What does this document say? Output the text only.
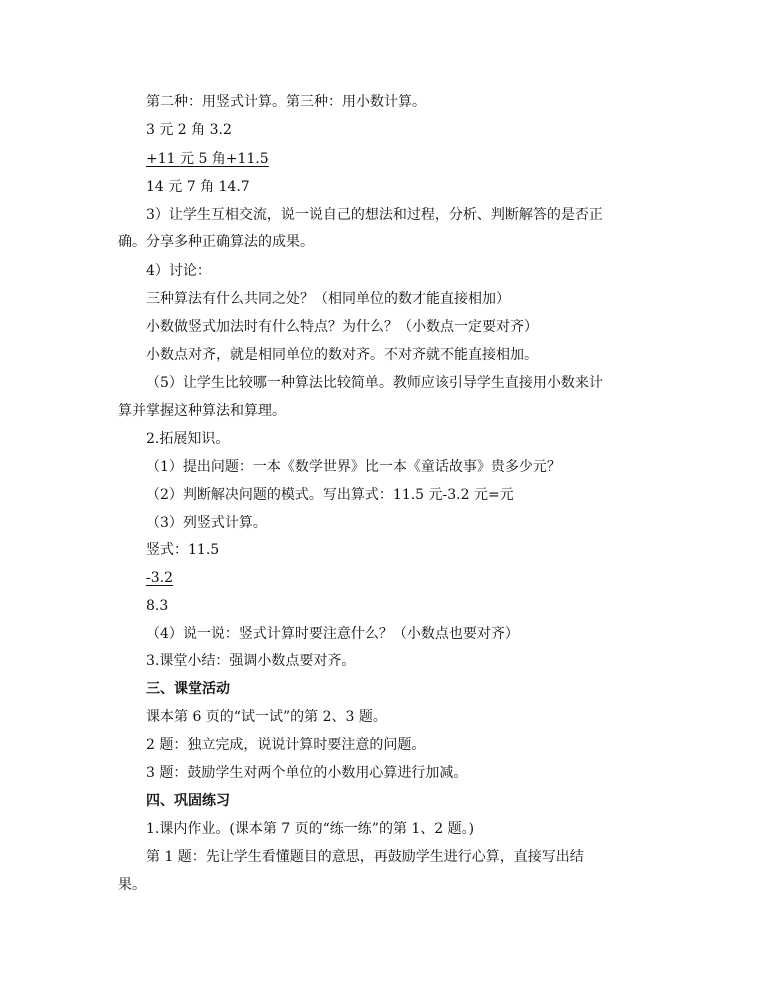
第二种：用竖式计算。第三种：用小数计算。
3 元 2 角 3.2
+11 元 5 角+11.5
14 元 7 角 14.7
3）让学生互相交流，说一说自己的想法和过程，分析、判断解答的是否正
确。分享多种正确算法的成果。
4）讨论：
三种算法有什么共同之处？（相同单位的数才能直接相加）
小数做竖式加法时有什么特点？为什么？（小数点一定要对齐）
小数点对齐，就是相同单位的数对齐。不对齐就不能直接相加。
（5）让学生比较哪一种算法比较简单。教师应该引导学生直接用小数来计
算并掌握这种算法和算理。
2.拓展知识。
（1）提出问题：一本《数学世界》比一本《童话故事》贵多少元？
（2）判断解决问题的模式。写出算式：11.5 元-3.2 元=元
（3）列竖式计算。
竖式：11.5
-3.2
8.3
（4）说一说：竖式计算时要注意什么？（小数点也要对齐）
3.课堂小结：强调小数点要对齐。
三、课堂活动
课本第 6 页的“试一试”的第 2、3 题。
2 题：独立完成，说说计算时要注意的问题。
3 题：鼓励学生对两个单位的小数用心算进行加减。
四、巩固练习
1.课内作业。(课本第 7 页的“练一练”的第 1、2 题。)
第 1 题：先让学生看懂题目的意思，再鼓励学生进行心算，直接写出结
果。
